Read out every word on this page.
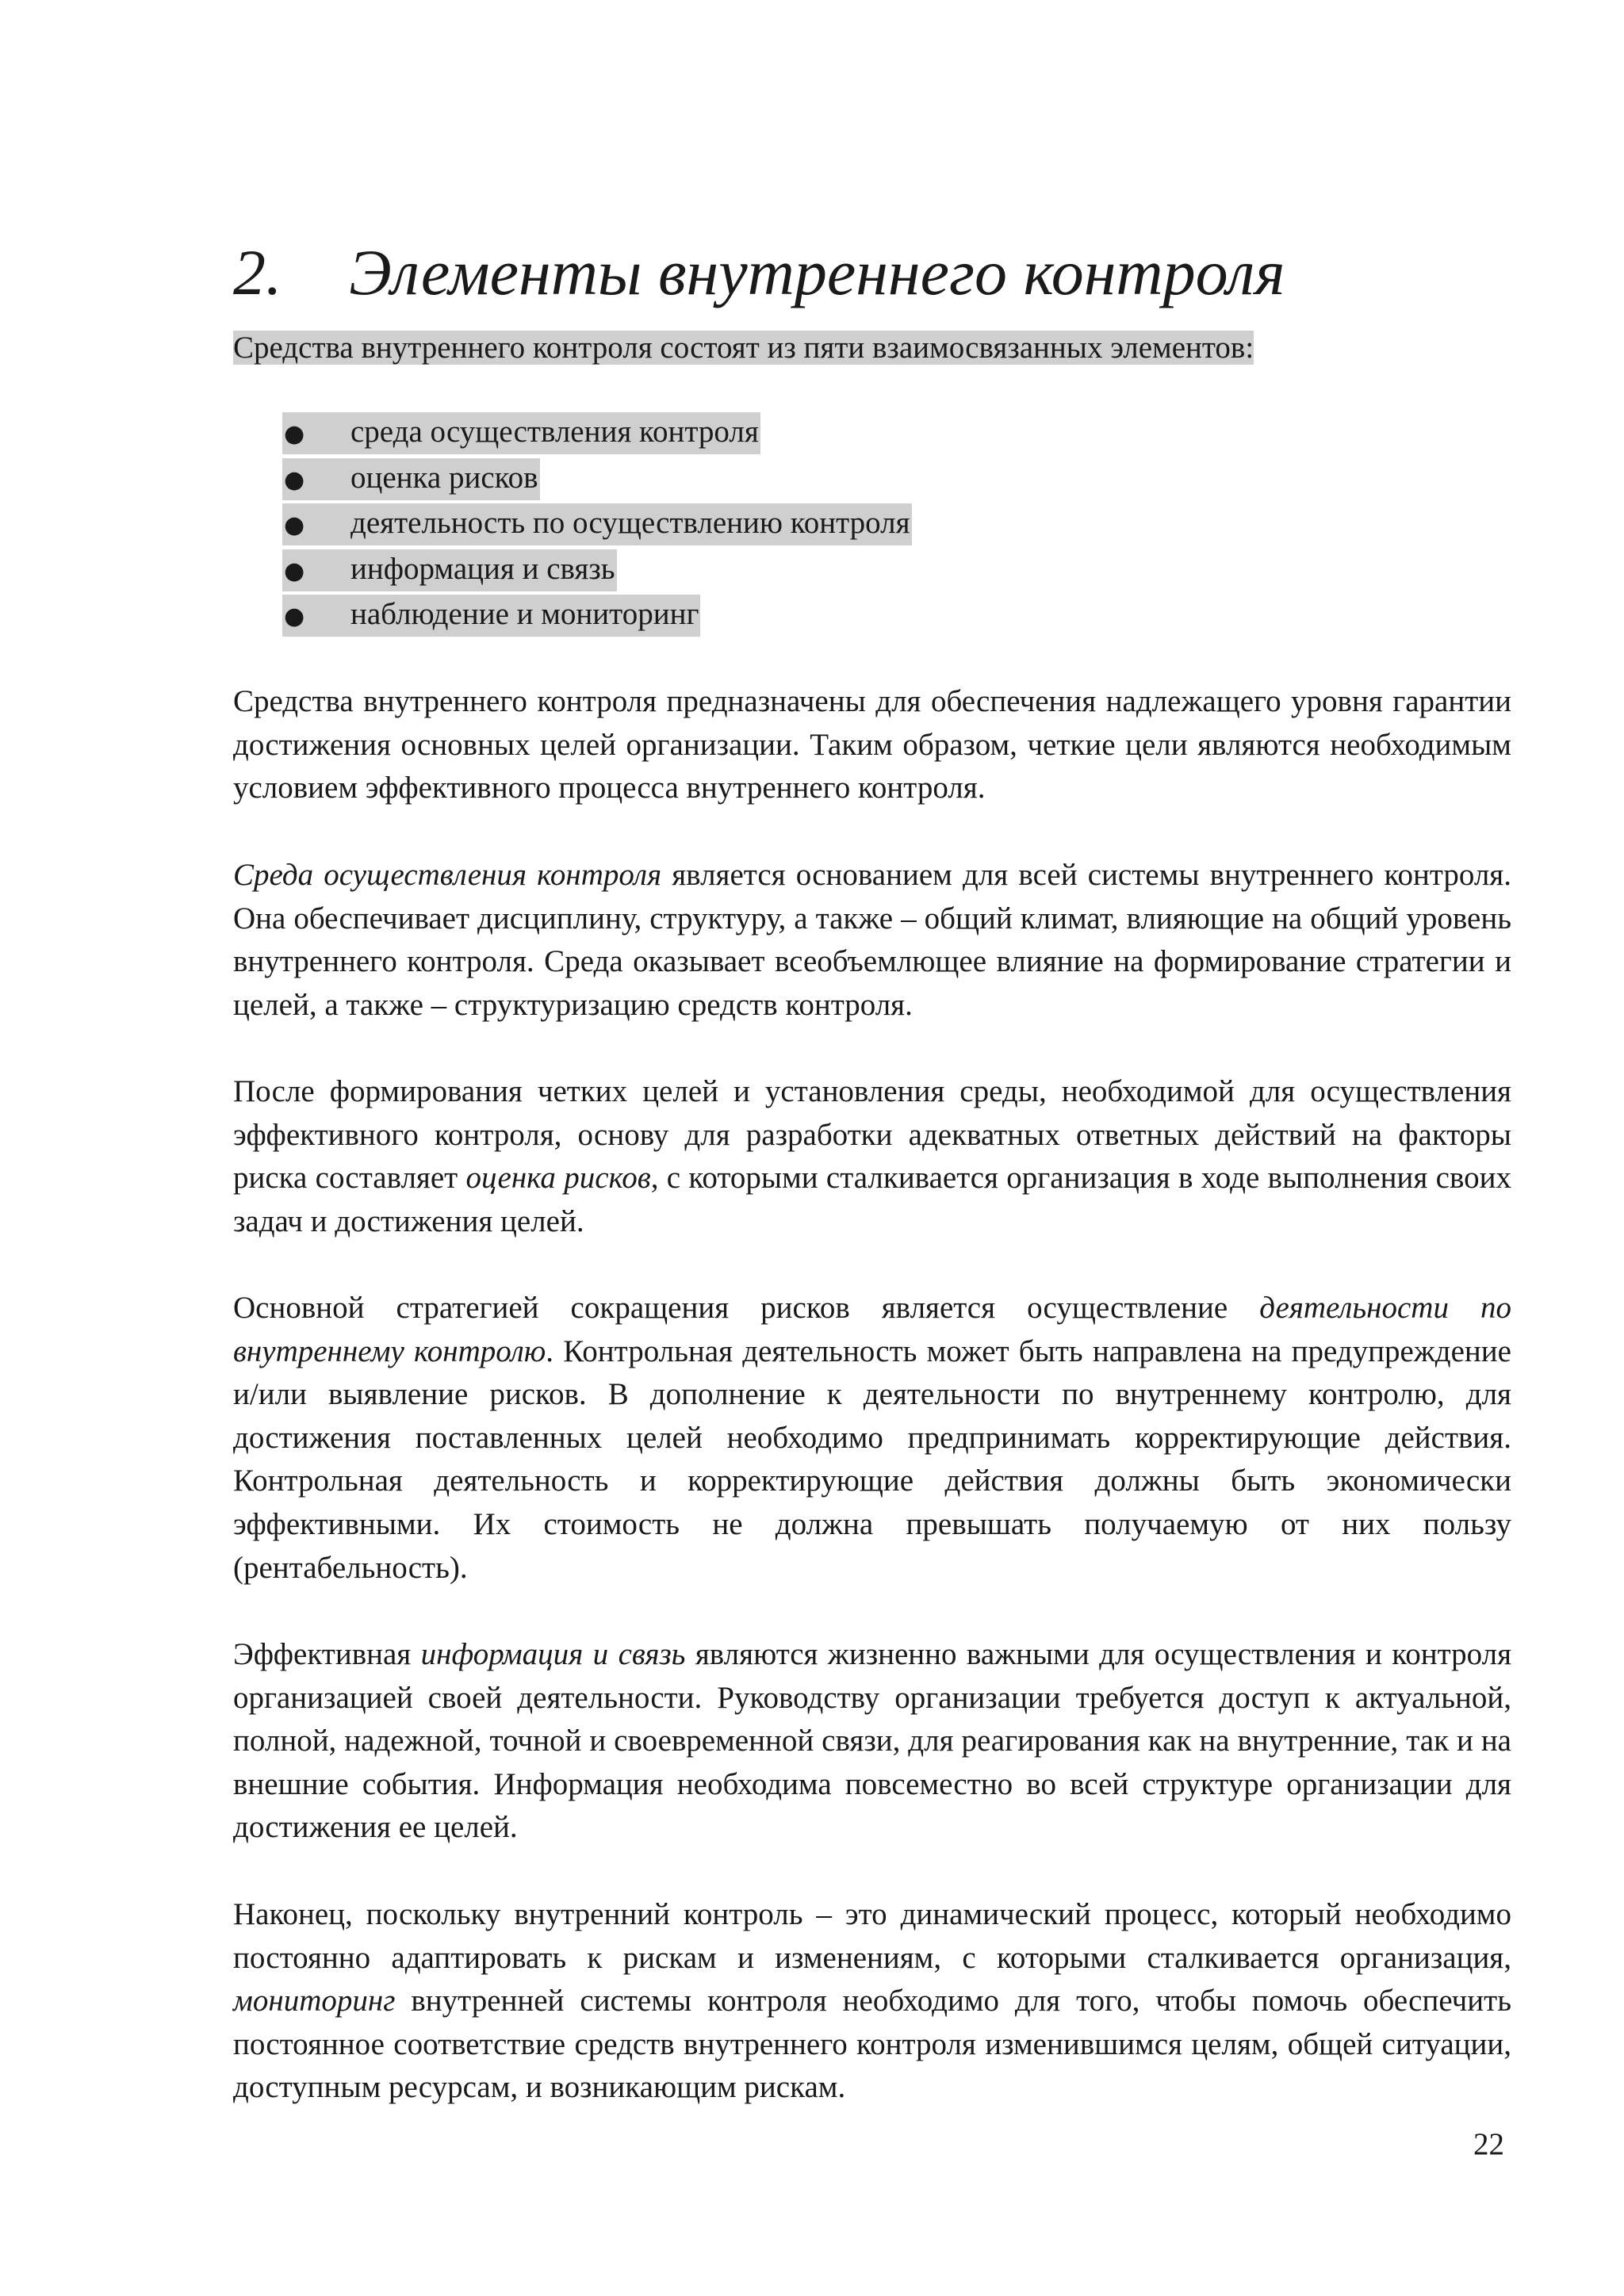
2. Элементы внутреннего контроля
Средства внутреннего контроля состоят из пяти взаимосвязанных элементов:
● среда осуществления контроля
● оценка рисков
● деятельность по осуществлению контроля
● информация и связь
● наблюдение и мониторинг

Средства внутреннего контроля предназначены для обеспечения надлежащего уровня гарантии достижения основных целей организации. Таким образом, четкие цели являются необходимым условием эффективного процесса внутреннего контроля.

Среда осуществления контроля является основанием для всей системы внутреннего контроля. Она обеспечивает дисциплину, структуру, а также – общий климат, влияющие на общий уровень внутреннего контроля. Среда оказывает всеобъемлющее влияние на формирование стратегии и целей, а также – структуризацию средств контроля.

После формирования четких целей и установления среды, необходимой для осуществления эффективного контроля, основу для разработки адекватных ответных действий на факторы риска составляет оценка рисков, с которыми сталкивается организация в ходе выполнения своих задач и достижения целей.

Основной стратегией сокращения рисков является осуществление деятельности по внутреннему контролю. Контрольная деятельность может быть направлена на предупреждение и/или выявление рисков. В дополнение к деятельности по внутреннему контролю, для достижения поставленных целей необходимо предпринимать корректирующие действия. Контрольная деятельность и корректирующие действия должны быть экономически эффективными. Их стоимость не должна превышать получаемую от них пользу (рентабельность).

Эффективная информация и связь являются жизненно важными для осуществления и контроля организацией своей деятельности. Руководству организации требуется доступ к актуальной, полной, надежной, точной и своевременной связи, для реагирования как на внутренние, так и на внешние события. Информация необходима повсеместно во всей структуре организации для достижения ее целей.

Наконец, поскольку внутренний контроль – это динамический процесс, который необходимо постоянно адаптировать к рискам и изменениям, с которыми сталкивается организация, мониторинг внутренней системы контроля необходимо для того, чтобы помочь обеспечить постоянное соответствие средств внутреннего контроля изменившимся целям, общей ситуации, доступным ресурсам, и возникающим рискам.

22
